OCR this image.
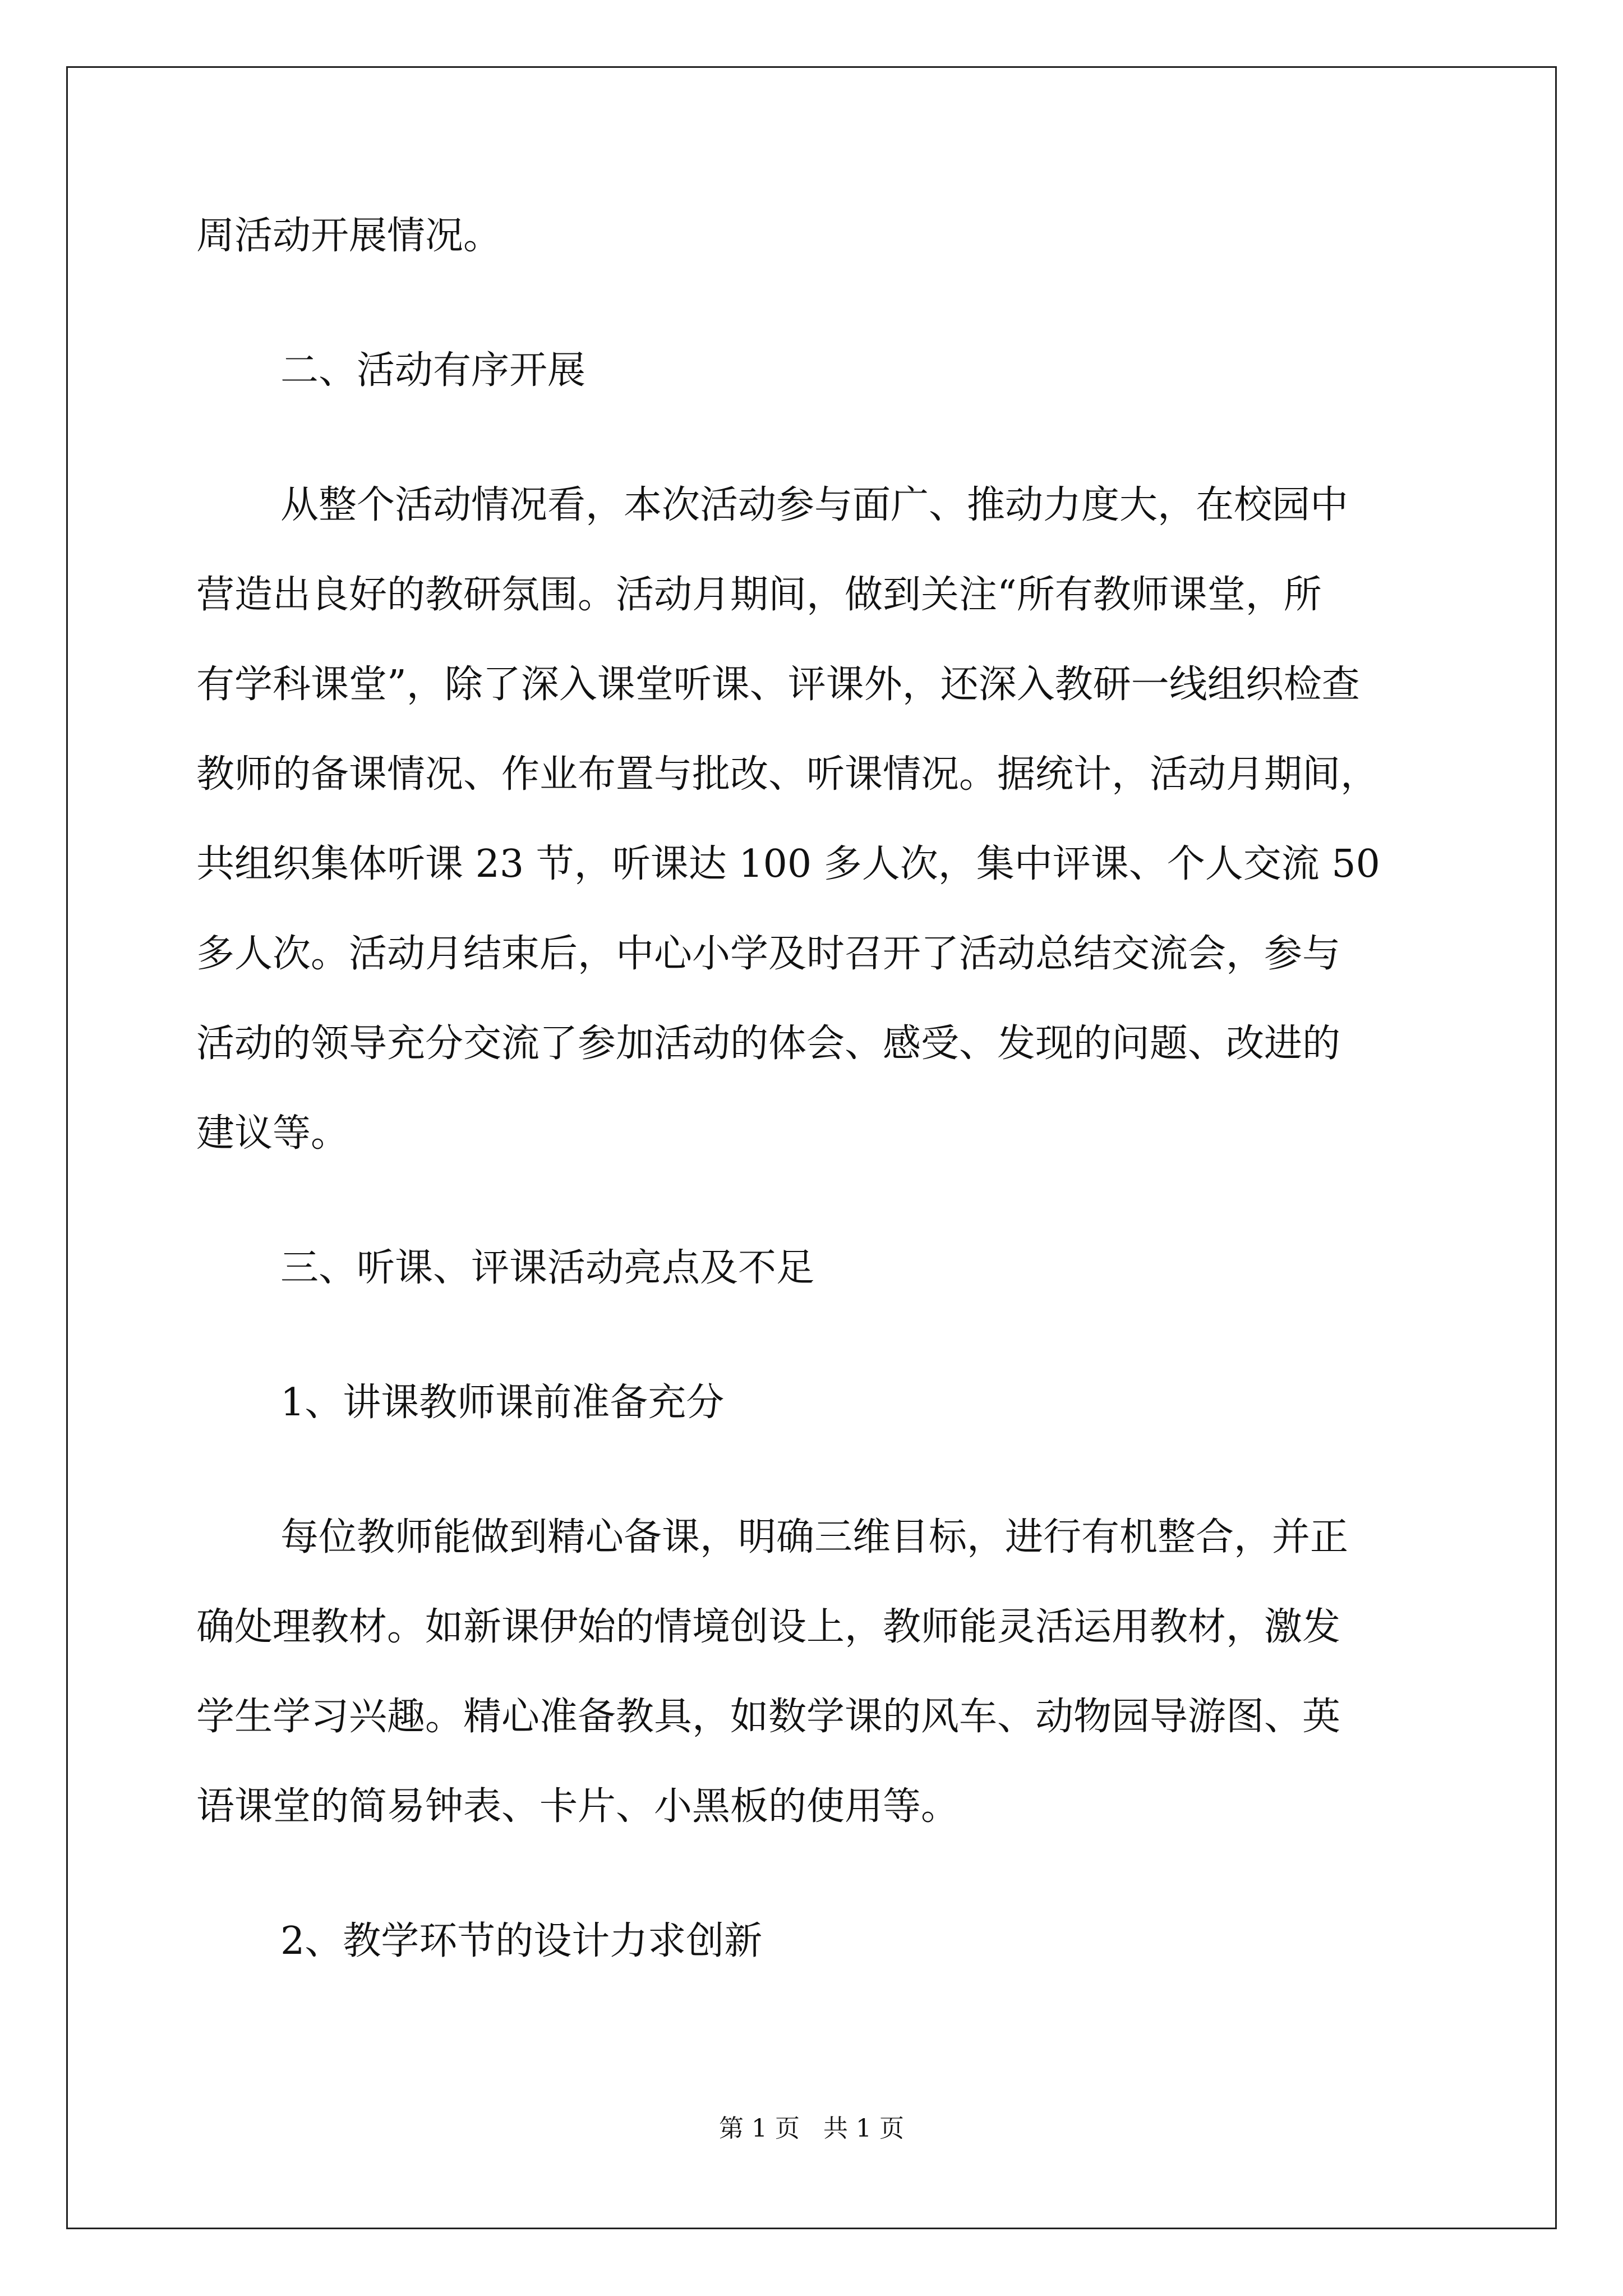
周活动开展情况。
二、活动有序开展
从整个活动情况看，本次活动参与面广、推动力度大，在校园中
营造出良好的教研氛围。活动月期间，做到关注“所有教师课堂，所
有学科课堂”，除了深入课堂听课、评课外，还深入教研一线组织检查
教师的备课情况、作业布置与批改、听课情况。据统计，活动月期间，
共组织集体听课 23 节，听课达 100 多人次，集中评课、个人交流 50
多人次。活动月结束后，中心小学及时召开了活动总结交流会，参与
活动的领导充分交流了参加活动的体会、感受、发现的问题、改进的
建议等。
三、听课、评课活动亮点及不足
1、讲课教师课前准备充分
每位教师能做到精心备课，明确三维目标，进行有机整合，并正
确处理教材。如新课伊始的情境创设上，教师能灵活运用教材，激发
学生学习兴趣。精心准备教具，如数学课的风车、动物园导游图、英
语课堂的简易钟表、卡片、小黑板的使用等。
2、教学环节的设计力求创新
第 1 页 共 1 页
